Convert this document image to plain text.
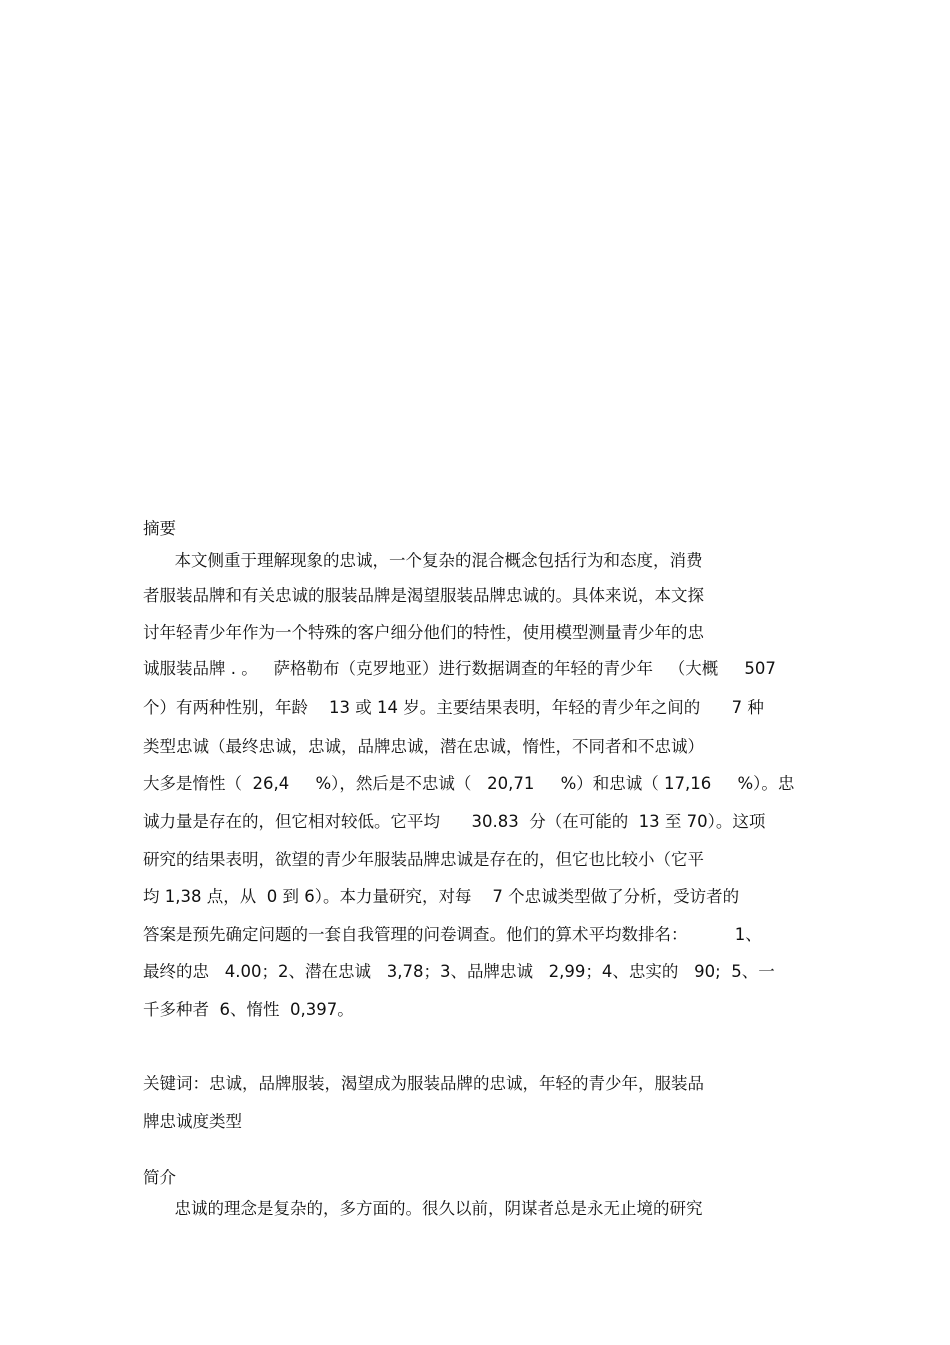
摘要
本文侧重于理解现象的忠诚，一个复杂的混合概念包括行为和态度，消费
者服装品牌和有关忠诚的服装品牌是渴望服装品牌忠诚的。具体来说，本文探
讨年轻青少年作为一个特殊的客户细分他们的特性，使用模型测量青少年的忠
诚服装品牌 . 。   萨格勒布（克罗地亚）进行数据调查的年轻的青少年   （大概     507
个）有两种性别，年龄    13 或 14 岁。主要结果表明，年轻的青少年之间的      7 种
类型忠诚（最终忠诚，忠诚，品牌忠诚，潜在忠诚，惰性，不同者和不忠诚）
大多是惰性（  26,4     %），然后是不忠诚（   20,71     %）和忠诚（ 17,16     %）。忠
诚力量是存在的，但它相对较低。它平均      30.83  分（在可能的  13 至 70）。这项
研究的结果表明，欲望的青少年服装品牌忠诚是存在的，但它也比较小（它平
均 1,38 点，从  0 到 6）。本力量研究，对每    7 个忠诚类型做了分析，受访者的
答案是预先确定问题的一套自我管理的问卷调查。他们的算术平均数排名：         1、
最终的忠   4.00；2、潜在忠诚   3,78；3、品牌忠诚   2,99；4、忠实的   90;  5、一
千多种者  6、惰性  0,397。
关键词：忠诚，品牌服装，渴望成为服装品牌的忠诚，年轻的青少年，服装品
牌忠诚度类型
简介
忠诚的理念是复杂的，多方面的。很久以前，阴谋者总是永无止境的研究
